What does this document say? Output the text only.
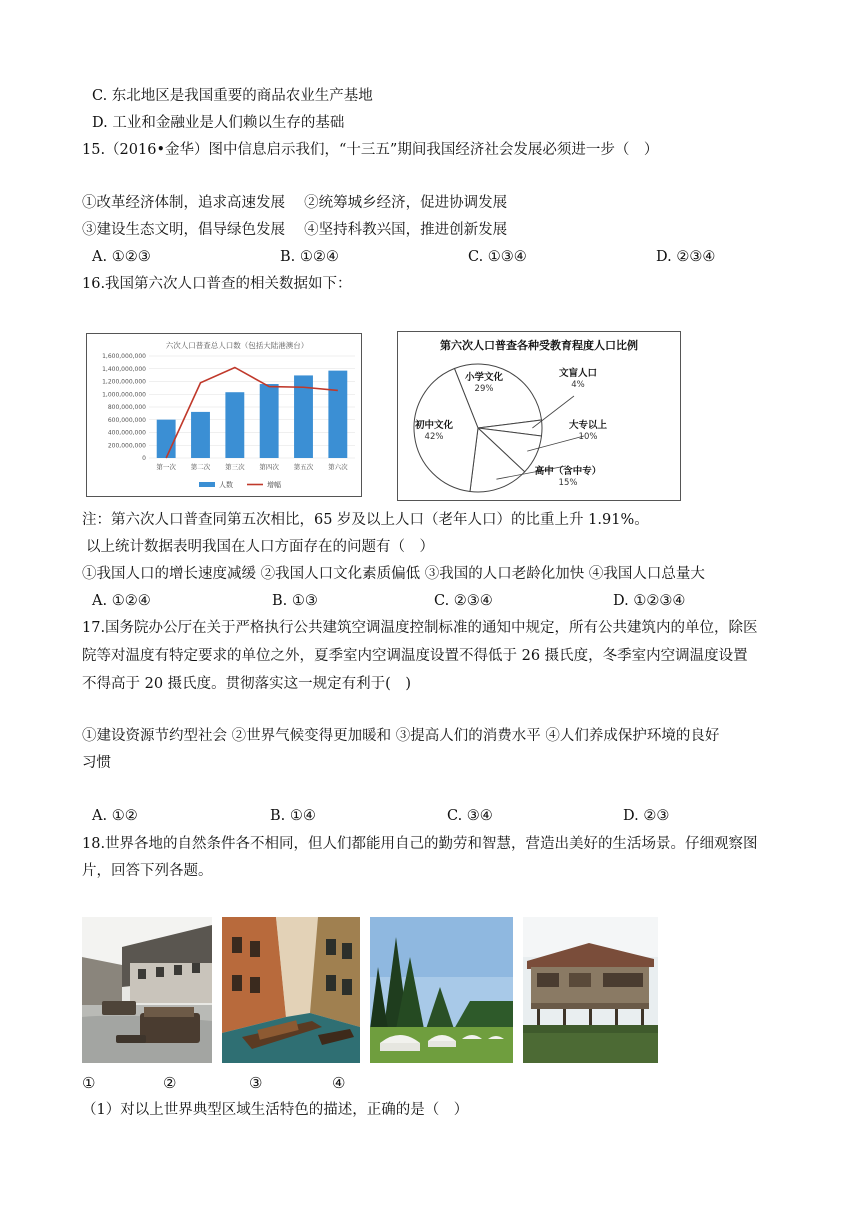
C. 东北地区是我国重要的商品农业生产基地
D. 工业和金融业是人们赖以生存的基础
15.（2016•金华）图中信息启示我们，“十三五”期间我国经济社会发展必须进一步（　）
①改革经济体制，追求高速发展　 ②统筹城乡经济，促进协调发展
③建设生态文明，倡导绿色发展　 ④坚持科教兴国，推进创新发展
A. ①②③	B. ①②④	C. ①③④	D. ②③④
16.我国第六次人口普查的相关数据如下：
六次人口普查总人口数（包括大陆港澳台）
1,600,000,000
1,400,000,000
1,200,000,000
1,000,000,000
800,000,000
600,000,000
400,000,000
200,000,000
0
第一次 第二次 第三次 第四次 第五次 第六次
人数	增幅
第六次人口普查各种受教育程度人口比例
小学文化
29%
文盲人口
4%
大专以上
10%
高中（含中专）
15%
初中文化
42%
注：第六次人口普查同第五次相比，65 岁及以上人口（老年人口）的比重上升 1.91%。
以上统计数据表明我国在人口方面存在的问题有（　）
①我国人口的增长速度减缓 ②我国人口文化素质偏低 ③我国的人口老龄化加快 ④我国人口总量大
A. ①②④	B. ①③	C. ②③④	D. ①②③④
17.国务院办公厅在关于严格执行公共建筑空调温度控制标准的通知中规定，所有公共建筑内的单位，除医
院等对温度有特定要求的单位之外，夏季室内空调温度设置不得低于 26 摄氏度，冬季室内空调温度设置
不得高于 20 摄氏度。贯彻落实这一规定有利于(　)
①建设资源节约型社会 ②世界气候变得更加暖和 ③提高人们的消费水平 ④人们养成保护环境的良好
习惯
A. ①②	B. ①④	C. ③④	D. ②③
18.世界各地的自然条件各不相同，但人们都能用自己的勤劳和智慧，营造出美好的生活场景。仔细观察图
片，回答下列各题。
①	②	③	④
（1）对以上世界典型区域生活特色的描述，正确的是（　）
